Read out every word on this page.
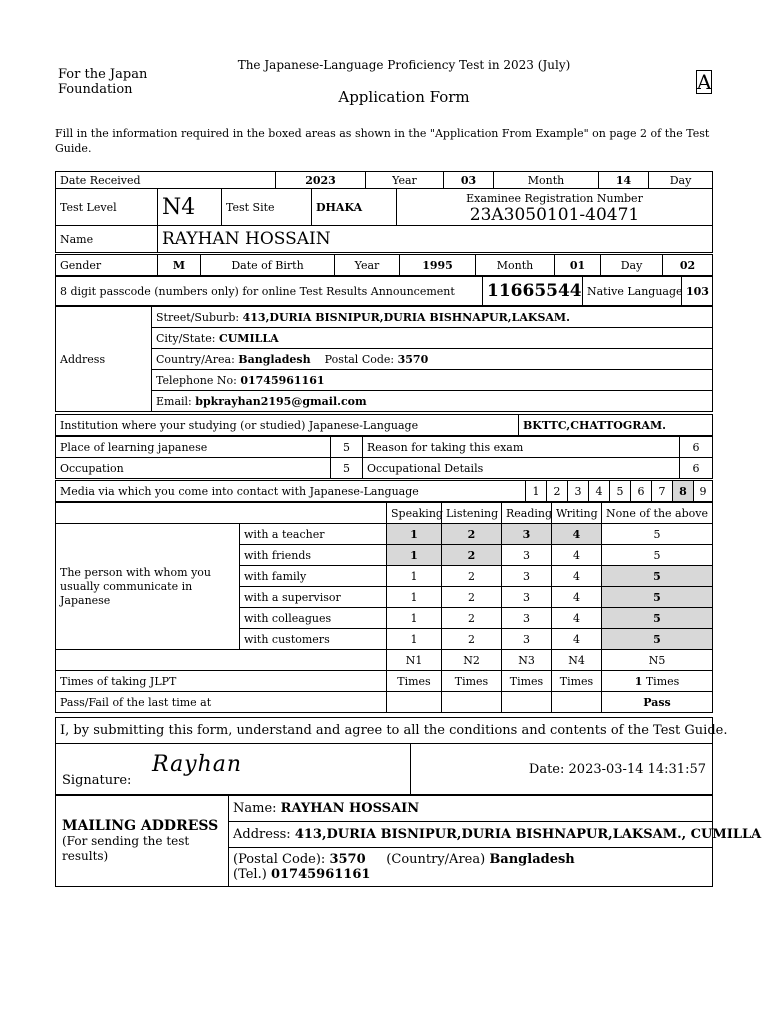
For the Japan Foundation
The Japanese-Language Proficiency Test in 2023 (July)
Application Form
A
Fill in the information required in the boxed areas as shown in the "Application From Example" on page 2 of the Test Guide.
Date Received	2023	Year	03	Month	14	Day
Test Level	N4	Test Site	DHAKA	Examinee Registration Number
23A3050101-40471

Name	RAYHAN HOSSAIN			
Gender	M	Date of Birth	Year	1995	Month	01	Day	02
8 digit passcode (numbers only) for online Test Results Announcement	11665544	Native Language	103
Address	Street/Suburb: 413,DURIA BISNIPUR,DURIA BISHNAPUR,LAKSAM.
City/State: CUMILLA
Country/Area: Bangladesh Postal Code: 3570
Telephone No: 01745961161
Email: bpkrayhan2195@gmail.com
Institution where your studying (or studied) Japanese-Language	BKTTC,CHATTOGRAM.
Place of learning japanese	5	Reason for taking this exam	6
Occupation	5	Occupational Details	6
Media via which you come into contact with Japanese-Language	1	2	3	4	5	6	7	8	9
		Speaking	Listening	Reading	Writing	None of the above
The person with whom you usually communicate in Japanese	with a teacher	1	2	3	4	5
	with friends	1	2	3	4	5
	with family	1	2	3	4	5
	with a supervisor	1	2	3	4	5
	with colleagues	1	2	3	4	5
	with customers	1	2	3	4	5
		N1	N2	N3	N4	N5
Times of taking JLPT		Times	Times	Times	Times	1 Times
Pass/Fail of the last time at						Pass
I, by submitting this form, understand and agree to all the conditions and contents of the Test Guide.

Signature:
Rayhan	Date: 2023-03-14 14:31:57
MAILING ADDRESS
(For sending the test results)
	Name: RAYHAN HOSSAIN
Address: 413,DURIA BISNIPUR,DURIA BISHNAPUR,LAKSAM., CUMILLA

(Postal Code): 3570 (Country/Area) Bangladesh
(Tel.) 01745961161
